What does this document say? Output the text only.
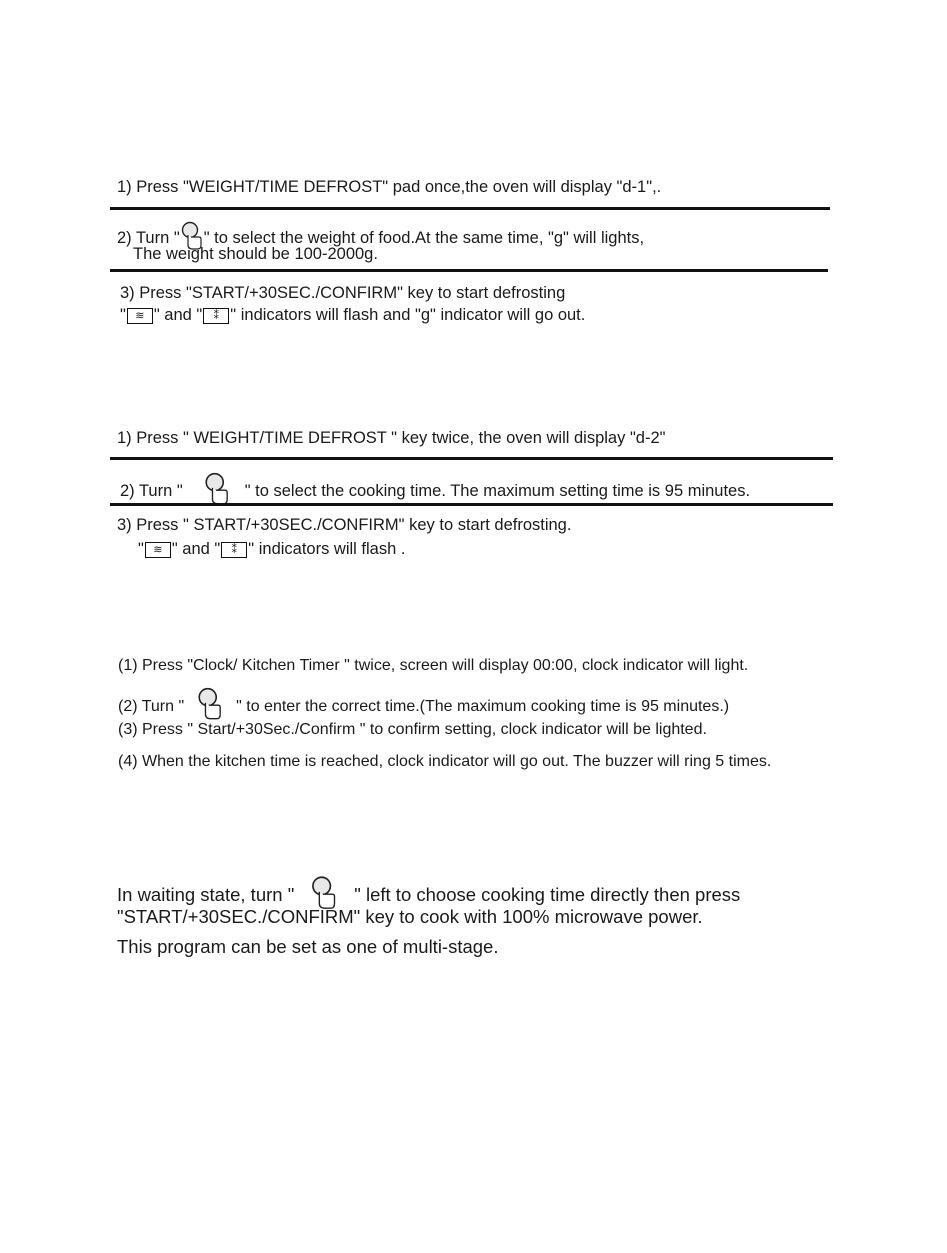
1) Press "WEIGHT/TIME DEFROST" pad once,the oven will display "d-1",.
2) Turn " " to select the weight of food.At the same time, "g" will lights,
The weight should be 100-2000g.
3) Press "START/+30SEC./CONFIRM" key to start defrosting
" ≋ " and " ⁑ " indicators will flash and "g" indicator will go out.
1) Press " WEIGHT/TIME DEFROST " key twice, the oven will display "d-2"
2) Turn "	" to select the cooking time. The maximum setting time is 95 minutes.
3) Press " START/+30SEC./CONFIRM" key to start defrosting.
" ≋ " and " ⁑ " indicators will flash .
(1) Press "Clock/ Kitchen Timer " twice, screen will display 00:00, clock indicator will light.
(2) Turn "	" to enter the correct time.(The maximum cooking time is 95 minutes.)
(3) Press " Start/+30Sec./Confirm " to confirm setting, clock indicator will be lighted.
(4) When the kitchen time is reached, clock indicator will go out. The buzzer will ring 5 times.
In waiting state, turn "	" left to choose cooking time directly then press
"START/+30SEC./CONFIRM" key to cook with 100% microwave power.
This program can be set as one of multi-stage.
